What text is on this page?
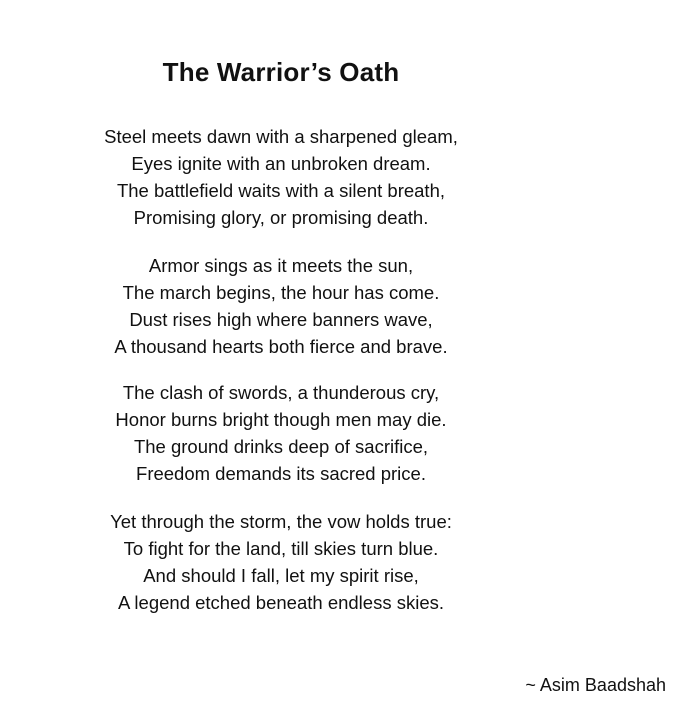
The Warrior’s Oath
Steel meets dawn with a sharpened gleam,
Eyes ignite with an unbroken dream.
The battlefield waits with a silent breath,
Promising glory, or promising death.
Armor sings as it meets the sun,
The march begins, the hour has come.
Dust rises high where banners wave,
A thousand hearts both fierce and brave.
The clash of swords, a thunderous cry,
Honor burns bright though men may die.
The ground drinks deep of sacrifice,
Freedom demands its sacred price.
Yet through the storm, the vow holds true:
To fight for the land, till skies turn blue.
And should I fall, let my spirit rise,
A legend etched beneath endless skies.
~ Asim Baadshah
